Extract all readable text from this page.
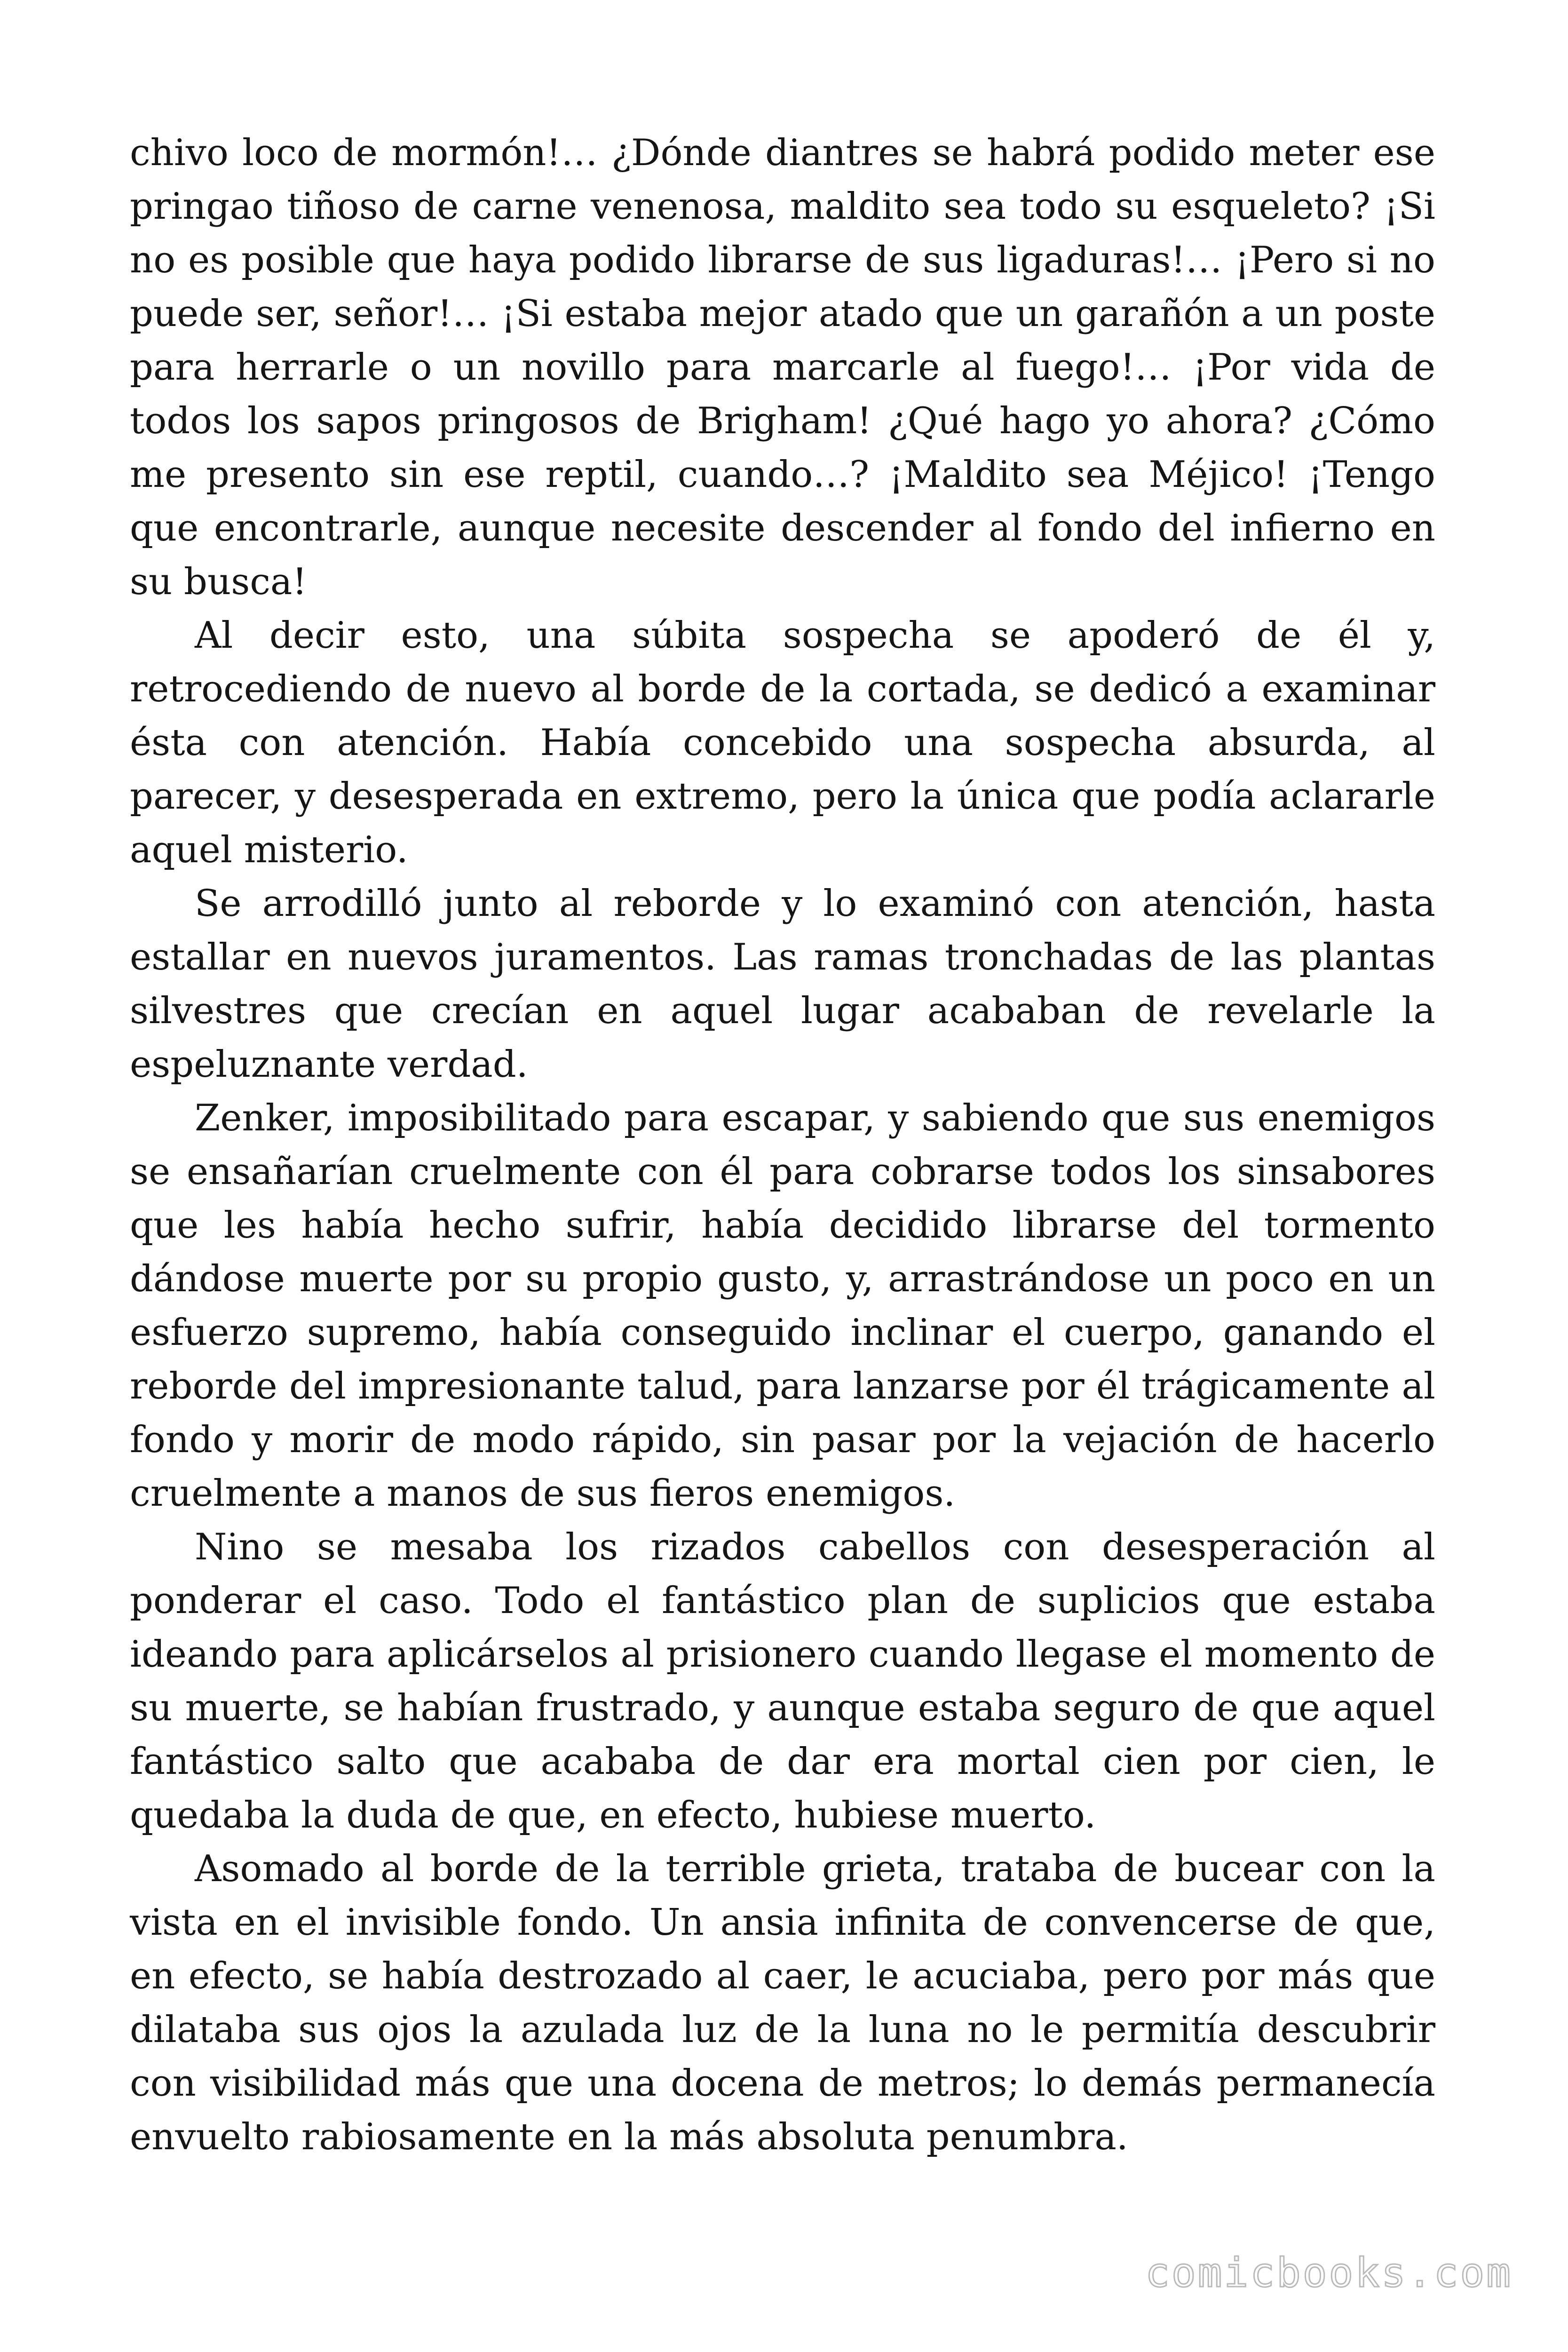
chivo loco de mormón!… ¿Dónde diantres se habrá podido meter ese pringao tiñoso de carne venenosa, maldito sea todo su esqueleto? ¡Si no es posible que haya podido librarse de sus ligaduras!… ¡Pero si no puede ser, señor!… ¡Si estaba mejor atado que un garañón a un poste para herrarle o un novillo para marcarle al fuego!… ¡Por vida de todos los sapos pringosos de Brigham! ¿Qué hago yo ahora? ¿Cómo me presento sin ese reptil, cuando…? ¡Maldito sea Méjico! ¡Tengo que encontrarle, aunque necesite descender al fondo del infierno en su busca!

Al decir esto, una súbita sospecha se apoderó de él y, retrocediendo de nuevo al borde de la cortada, se dedicó a examinar ésta con atención. Había concebido una sospecha absurda, al parecer, y desesperada en extremo, pero la única que podía aclararle aquel misterio.

Se arrodilló junto al reborde y lo examinó con atención, hasta estallar en nuevos juramentos. Las ramas tronchadas de las plantas silvestres que crecían en aquel lugar acababan de revelarle la espeluznante verdad.

Zenker, imposibilitado para escapar, y sabiendo que sus enemigos se ensañarían cruelmente con él para cobrarse todos los sinsabores que les había hecho sufrir, había decidido librarse del tormento dándose muerte por su propio gusto, y, arrastrándose un poco en un esfuerzo supremo, había conseguido inclinar el cuerpo, ganando el reborde del impresionante talud, para lanzarse por él trágicamente al fondo y morir de modo rápido, sin pasar por la vejación de hacerlo cruelmente a manos de sus fieros enemigos.

Nino se mesaba los rizados cabellos con desesperación al ponderar el caso. Todo el fantástico plan de suplicios que estaba ideando para aplicárselos al prisionero cuando llegase el momento de su muerte, se habían frustrado, y aunque estaba seguro de que aquel fantástico salto que acababa de dar era mortal cien por cien, le quedaba la duda de que, en efecto, hubiese muerto.

Asomado al borde de la terrible grieta, trataba de bucear con la vista en el invisible fondo. Un ansia infinita de convencerse de que, en efecto, se había destrozado al caer, le acuciaba, pero por más que dilataba sus ojos la azulada luz de la luna no le permitía descubrir con visibilidad más que una docena de metros; lo demás permanecía envuelto rabiosamente en la más absoluta penumbra.

comicbooks.com
